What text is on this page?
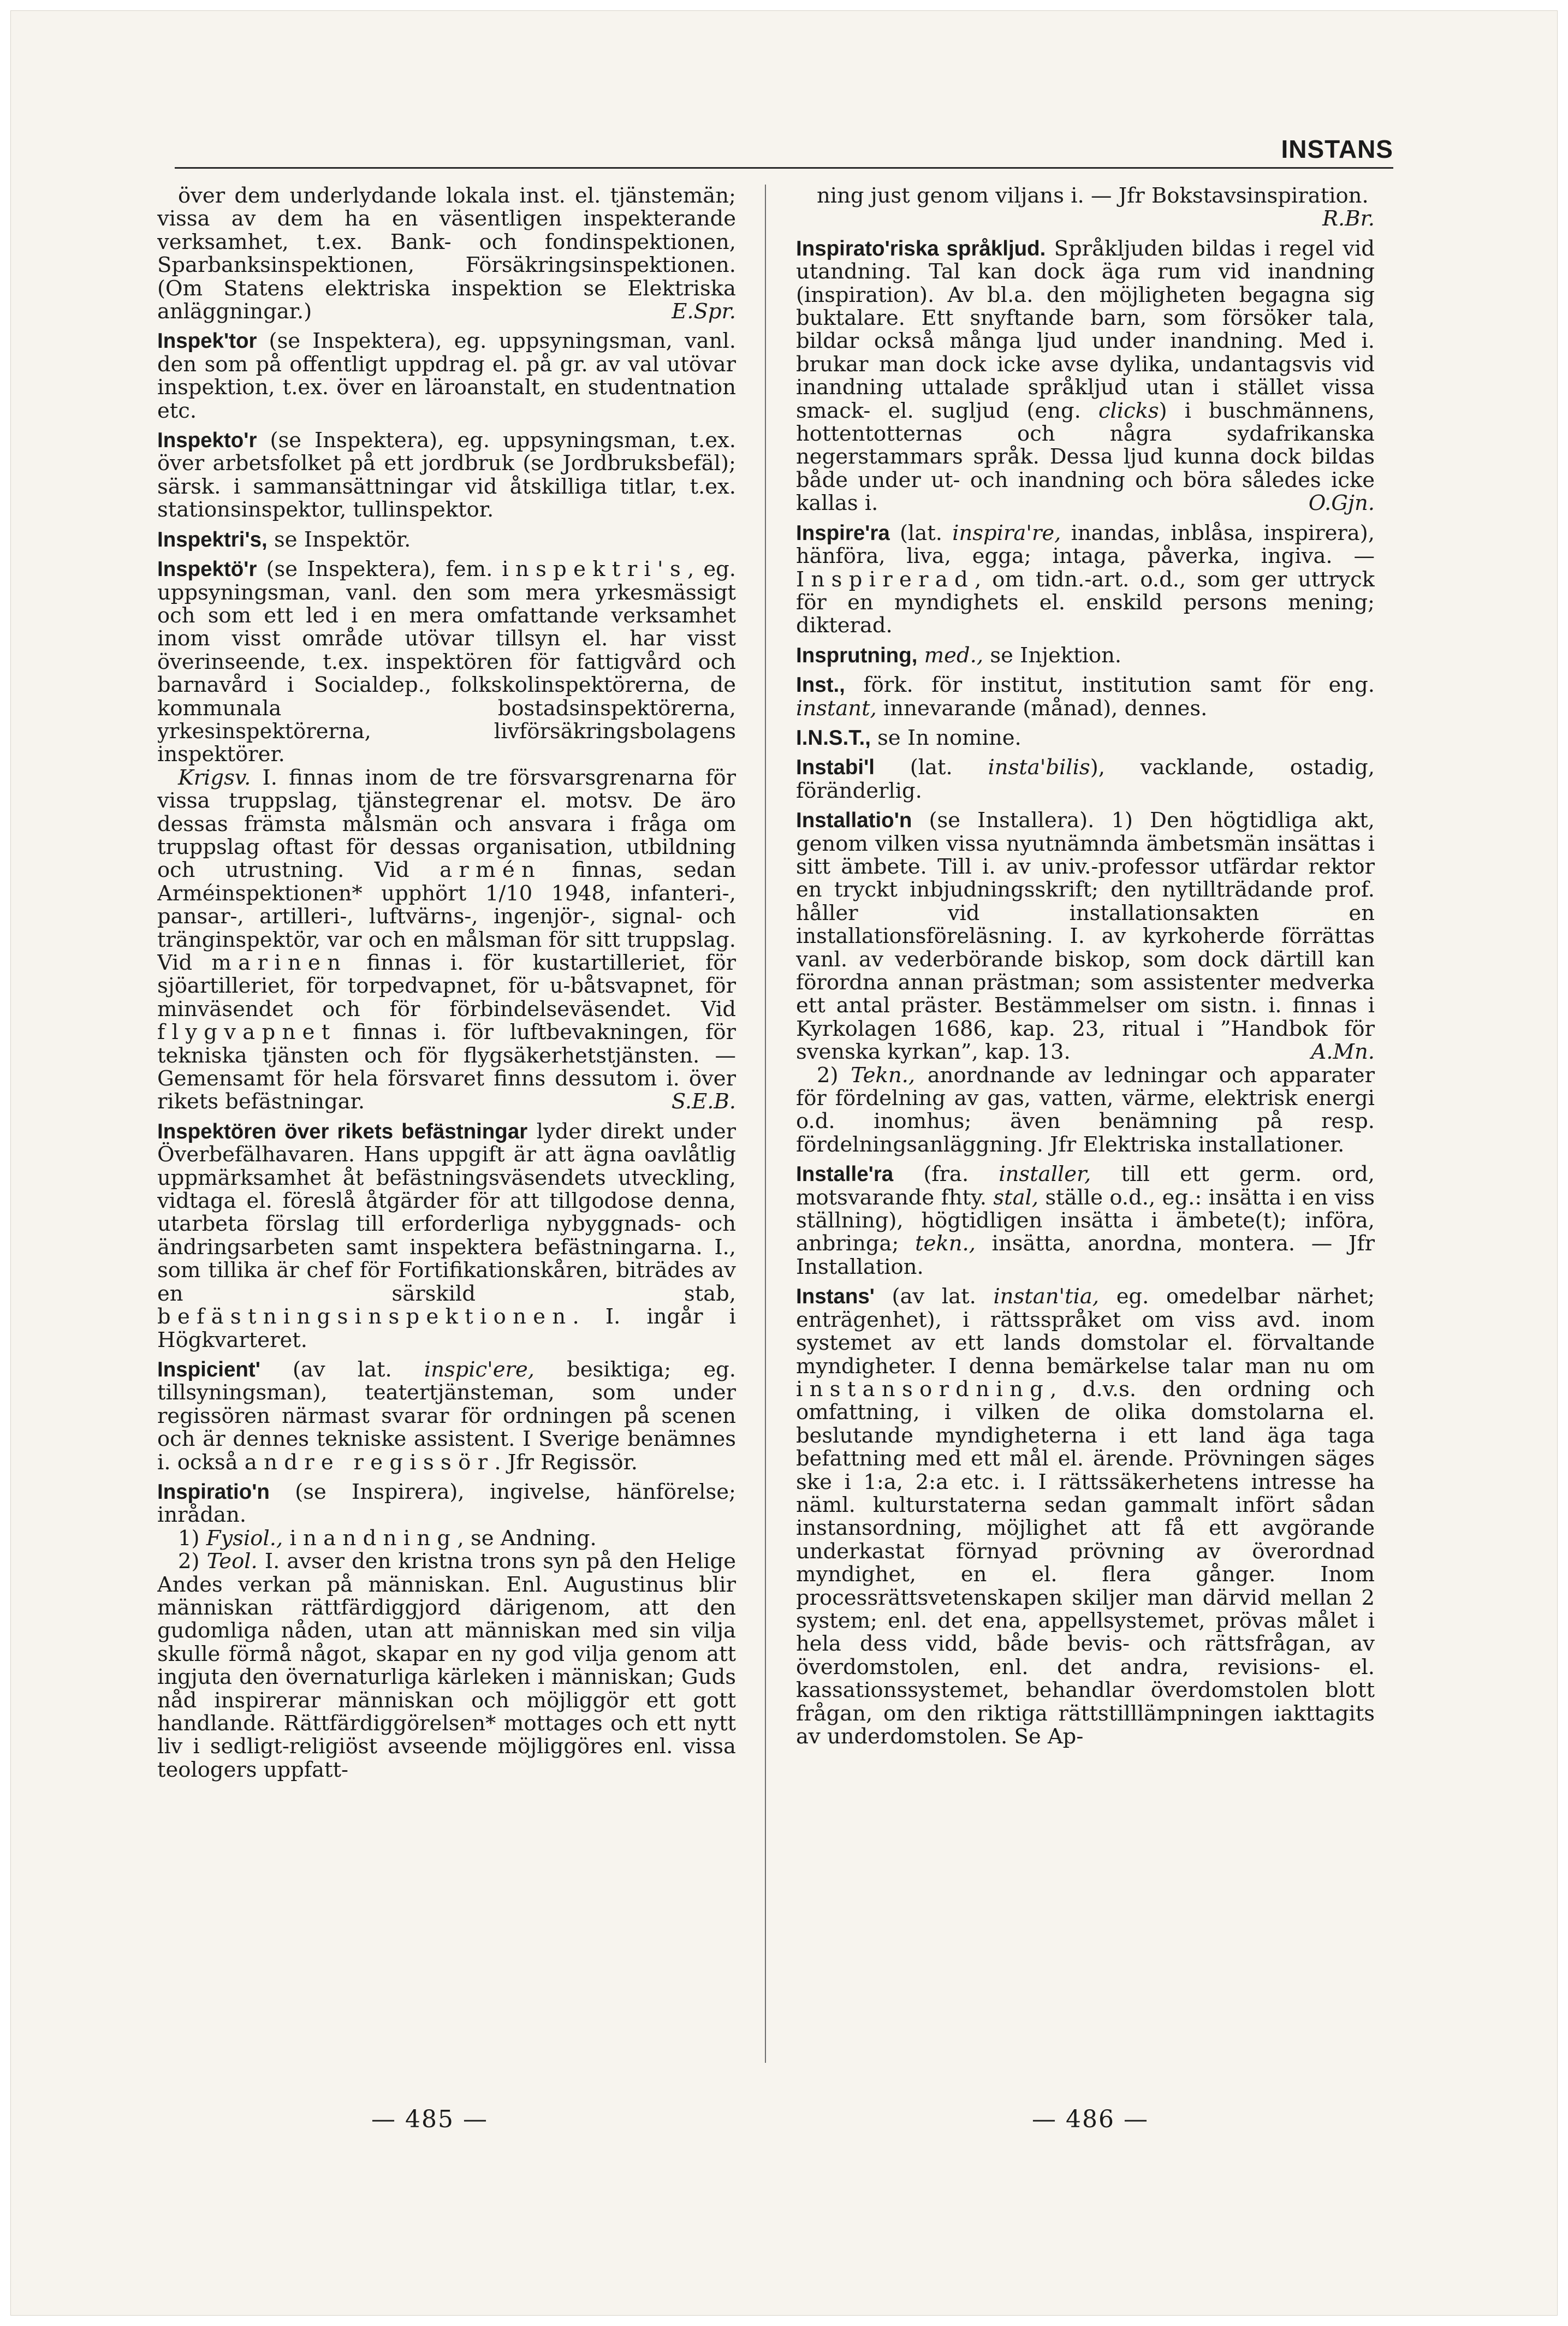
INSTANS

över dem underlydande lokala inst. el. tjänstemän; vissa av dem ha en väsentligen inspekterande verksamhet, t.ex. Bank- och fondinspektionen, Sparbanksinspektionen, Försäkringsinspektionen. (Om Statens elektriska inspektion se Elektriska anläggningar.)	E.Spr.

Inspek'tor (se Inspektera), eg. uppsyningsman, vanl. den som på offentligt uppdrag el. på gr. av val utövar inspektion, t.ex. över en läroanstalt, en studentnation etc.

Inspekto'r (se Inspektera), eg. uppsyningsman, t.ex. över arbetsfolket på ett jordbruk (se Jordbruksbefäl); särsk. i sammansättningar vid åtskilliga titlar, t.ex. stationsinspektor, tullinspektor.

Inspektri's, se Inspektör.

Inspektö'r (se Inspektera), fem. inspektri's, eg. uppsyningsman, vanl. den som mera yrkesmässigt och som ett led i en mera omfattande verksamhet inom visst område utövar tillsyn el. har visst överinseende, t.ex. inspektören för fattigvård och barnavård i Socialdep., folkskolinspektörerna, de kommunala bostadsinspektörerna, yrkesinspektörerna, livförsäkringsbolagens inspektörer.

Krigsv. I. finnas inom de tre försvarsgrenarna för vissa truppslag, tjänstegrenar el. motsv. De äro dessas främsta målsmän och ansvara i fråga om truppslag oftast för dessas organisation, utbildning och utrustning. Vid armén finnas, sedan Arméinspektionen* upphört 1/10 1948, infanteri-, pansar-, artilleri-, luftvärns-, ingenjör-, signal- och tränginspektör, var och en målsman för sitt truppslag. Vid marinen finnas i. för kustartilleriet, för sjöartilleriet, för torpedvapnet, för u-båtsvapnet, för minväsendet och för förbindelseväsendet. Vid flygvapnet finnas i. för luftbevakningen, för tekniska tjänsten och för flygsäkerhetstjänsten. — Gemensamt för hela försvaret finns dessutom i. över rikets befästningar.	S.E.B.

Inspektören över rikets befästningar lyder direkt under Överbefälhavaren. Hans uppgift är att ägna oavlåtlig uppmärksamhet åt befästningsväsendets utveckling, vidtaga el. föreslå åtgärder för att tillgodose denna, utarbeta förslag till erforderliga nybyggnads- och ändringsarbeten samt inspektera befästningarna. I., som tillika är chef för Fortifikationskåren, biträdes av en särskild stab, befästningsinspektionen. I. ingår i Högkvarteret.

Inspicient' (av lat. inspic'ere, besiktiga; eg. tillsyningsman), teatertjänsteman, som under regissören närmast svarar för ordningen på scenen och är dennes tekniske assistent. I Sverige benämnes i. också andre regissör. Jfr Regissör.

Inspiratio'n (se Inspirera), ingivelse, hänförelse; inrådan.

1) Fysiol., inandning, se Andning.

2) Teol. I. avser den kristna trons syn på den Helige Andes verkan på människan. Enl. Augustinus blir människan rättfärdiggjord därigenom, att den gudomliga nåden, utan att människan med sin vilja skulle förmå något, skapar en ny god vilja genom att ingjuta den övernaturliga kärleken i människan; Guds nåd inspirerar människan och möjliggör ett gott handlande. Rättfärdiggörelsen* mottages och ett nytt liv i sedligt-religiöst avseende möjliggöres enl. vissa teologers uppfatt-

ning just genom viljans i. — Jfr Bokstavsinspiration.
R.Br.

Inspirato'riska språkljud. Språkljuden bildas i regel vid utandning. Tal kan dock äga rum vid inandning (inspiration). Av bl.a. den möjligheten begagna sig buktalare. Ett snyftande barn, som försöker tala, bildar också många ljud under inandning. Med i. brukar man dock icke avse dylika, undantagsvis vid inandning uttalade språkljud utan i stället vissa smack- el. sugljud (eng. clicks) i buschmännens, hottentotternas och några sydafrikanska negerstammars språk. Dessa ljud kunna dock bildas både under ut- och inandning och böra således icke kallas i.	O.Gjn.

Inspire'ra (lat. inspira're, inandas, inblåsa, inspirera), hänföra, liva, egga; intaga, påverka, ingiva. — Inspirerad, om tidn.-art. o.d., som ger uttryck för en myndighets el. enskild persons mening; dikterad.

Insprutning, med., se Injektion.

Inst., förk. för institut, institution samt för eng. instant, innevarande (månad), dennes.

I.N.S.T., se In nomine.

Instabi'l (lat. insta'bilis), vacklande, ostadig, föränderlig.

Installatio'n (se Installera). 1) Den högtidliga akt, genom vilken vissa nyutnämnda ämbetsmän insättas i sitt ämbete. Till i. av univ.-professor utfärdar rektor en tryckt inbjudningsskrift; den nytillträdande prof. håller vid installationsakten en installationsföreläsning. I. av kyrkoherde förrättas vanl. av vederbörande biskop, som dock därtill kan förordna annan prästman; som assistenter medverka ett antal präster. Bestämmelser om sistn. i. finnas i Kyrkolagen 1686, kap. 23, ritual i ”Handbok för svenska kyrkan”, kap. 13.	A.Mn.

2) Tekn., anordnande av ledningar och apparater för fördelning av gas, vatten, värme, elektrisk energi o.d. inomhus; även benämning på resp. fördelningsanläggning. Jfr Elektriska installationer.

Installe'ra (fra. installer, till ett germ. ord, motsvarande fhty. stal, ställe o.d., eg.: insätta i en viss ställning), högtidligen insätta i ämbete(t); införa, anbringa; tekn., insätta, anordna, montera. — Jfr Installation.

Instans' (av lat. instan'tia, eg. omedelbar närhet; enträgenhet), i rättsspråket om viss avd. inom systemet av ett lands domstolar el. förvaltande myndigheter. I denna bemärkelse talar man nu om instansordning, d.v.s. den ordning och omfattning, i vilken de olika domstolarna el. beslutande myndigheterna i ett land äga taga befattning med ett mål el. ärende. Prövningen säges ske i 1:a, 2:a etc. i. I rättssäkerhetens intresse ha näml. kulturstaterna sedan gammalt infört sådan instansordning, möjlighet att få ett avgörande underkastat förnyad prövning av överordnad myndighet, en el. flera gånger. Inom processrättsvetenskapen skiljer man därvid mellan 2 system; enl. det ena, appellsystemet, prövas målet i hela dess vidd, både bevis- och rättsfrågan, av överdomstolen, enl. det andra, revisions- el. kassationssystemet, behandlar överdomstolen blott frågan, om den riktiga rättstilllämpningen iakttagits av underdomstolen. Se Ap-

— 485 —	— 486 —
